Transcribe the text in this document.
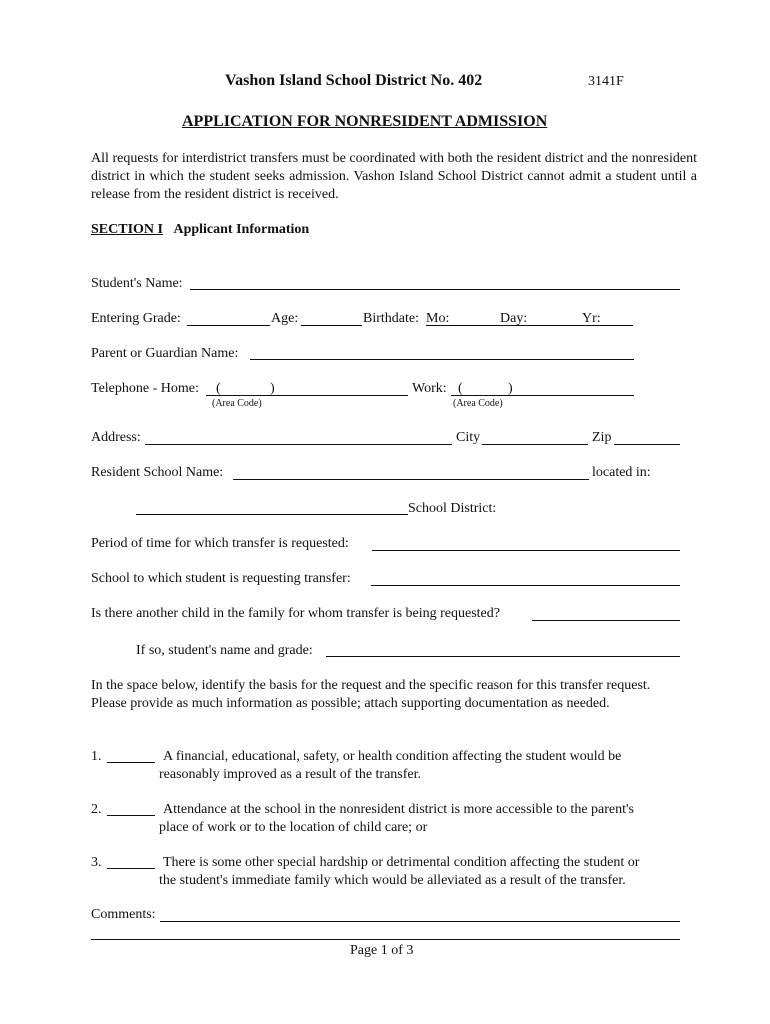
Vashon Island School District No. 402	3141F
APPLICATION FOR NONRESIDENT ADMISSION
All requests for interdistrict transfers must be coordinated with both the resident district and the nonresident district in which the student seeks admission. Vashon Island School District cannot admit a student until a release from the resident district is received.
SECTION I Applicant Information
Student's Name:
Entering Grade:	Age:	Birthdate: Mo:	Day:	Yr:
Parent or Guardian Name:
Telephone - Home: (	)
(Area Code)
Work: (	)
(Area Code)
Address:	City	Zip
Resident School Name:	located in:
School District:
Period of time for which transfer is requested:
School to which student is requesting transfer:
Is there another child in the family for whom transfer is being requested?
If so, student's name and grade:
In the space below, identify the basis for the request and the specific reason for this transfer request. Please provide as much information as possible; attach supporting documentation as needed.
1.	A financial, educational, safety, or health condition affecting the student would be
reasonably improved as a result of the transfer.
2.	Attendance at the school in the nonresident district is more accessible to the parent's
place of work or to the location of child care; or
3.	There is some other special hardship or detrimental condition affecting the student or
the student's immediate family which would be alleviated as a result of the transfer.
Comments:
Page 1 of 3
